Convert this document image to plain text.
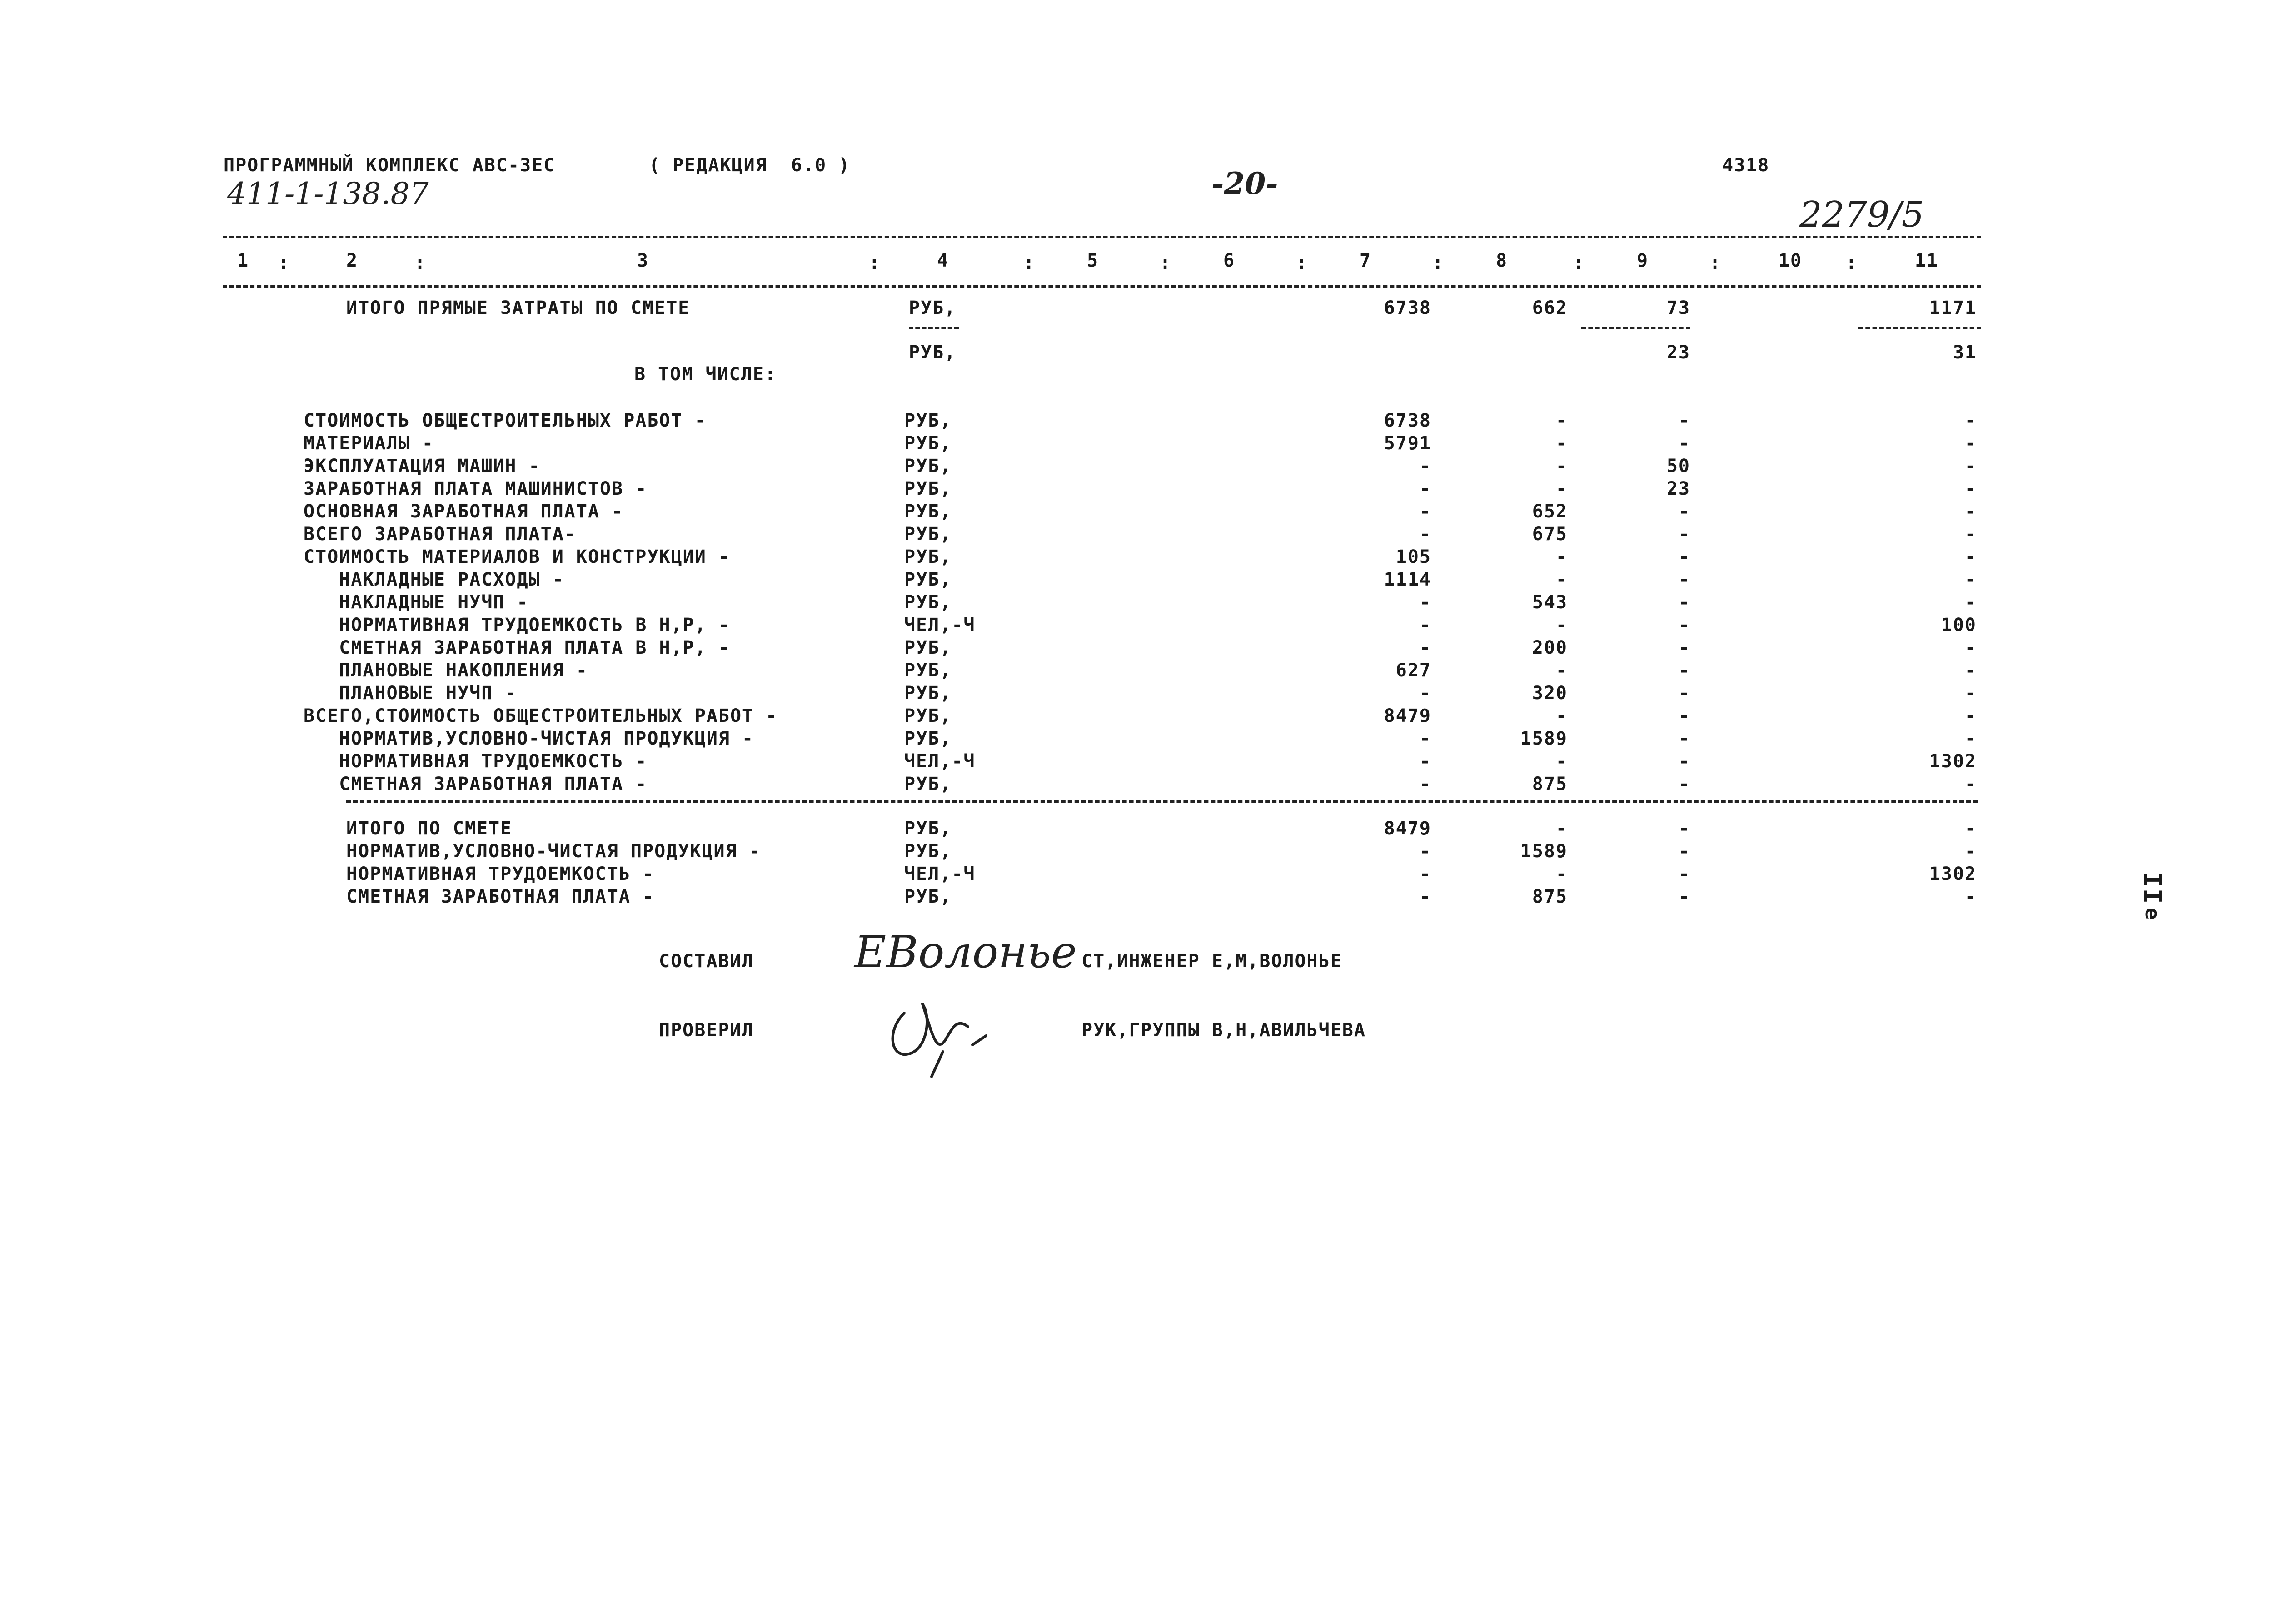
ПРОГРАММНЫЙ КОМПЛЕКС АВС-3ЕС	( РЕДАКЦИЯ  6.0 )	4318
411-1-138.87	-20-
2279/5
1	2	3	4	5	6	7	8	9	10	11
:	:	:	:	:	:	:	:	:	:
ИТОГО ПРЯМЫЕ ЗАТРАТЫ ПО СМЕТЕ	РУБ,	6738	662	73	1171
РУБ,	23	31
В ТОМ ЧИСЛЕ:
СТОИМОСТЬ ОБЩЕСТРОИТЕЛЬНЫХ РАБОТ -	РУБ,	6738	-	-	-
МАТЕРИАЛЫ -	РУБ,	5791	-	-	-
ЭКСПЛУАТАЦИЯ МАШИН -	РУБ,	-	-	50	-
ЗАРАБОТНАЯ ПЛАТА МАШИНИСТОВ -	РУБ,	-	-	23	-
ОСНОВНАЯ ЗАРАБОТНАЯ ПЛАТА -	РУБ,	-	652	-	-
ВСЕГО ЗАРАБОТНАЯ ПЛАТА-	РУБ,	-	675	-	-
СТОИМОСТЬ МАТЕРИАЛОВ И КОНСТРУКЦИИ -	РУБ,	105	-	-	-
НАКЛАДНЫЕ РАСХОДЫ -	РУБ,	1114	-	-	-
НАКЛАДНЫЕ НУЧП -	РУБ,	-	543	-	-
НОРМАТИВНАЯ ТРУДОЕМКОСТЬ В Н,Р, -	ЧЕЛ,-Ч	-	-	-	100
СМЕТНАЯ ЗАРАБОТНАЯ ПЛАТА В Н,Р, -	РУБ,	-	200	-	-
ПЛАНОВЫЕ НАКОПЛЕНИЯ -	РУБ,	627	-	-	-
ПЛАНОВЫЕ НУЧП -	РУБ,	-	320	-	-
ВСЕГО,СТОИМОСТЬ ОБЩЕСТРОИТЕЛЬНЫХ РАБОТ -	РУБ,	8479	-	-	-
НОРМАТИВ,УСЛОВНО-ЧИСТАЯ ПРОДУКЦИЯ -	РУБ,	-	1589	-	-
НОРМАТИВНАЯ ТРУДОЕМКОСТЬ -	ЧЕЛ,-Ч	-	-	-	1302
СМЕТНАЯ ЗАРАБОТНАЯ ПЛАТА -	РУБ,	-	875	-	-
ИТОГО ПО СМЕТЕ	РУБ,	8479	-	-	-
НОРМАТИВ,УСЛОВНО-ЧИСТАЯ ПРОДУКЦИЯ -	РУБ,	-	1589	-	-
НОРМАТИВНАЯ ТРУДОЕМКОСТЬ -	ЧЕЛ,-Ч	-	-	-	1302
СМЕТНАЯ ЗАРАБОТНАЯ ПЛАТА -	РУБ,	-	875	-	-
СОСТАВИЛ ЕВолонье СТ,ИНЖЕНЕР Е,М,ВОЛОНЬЕ
ПРОВЕРИЛ	РУК,ГРУППЫ В,Н,АВИЛЬЧЕВА
II
e
